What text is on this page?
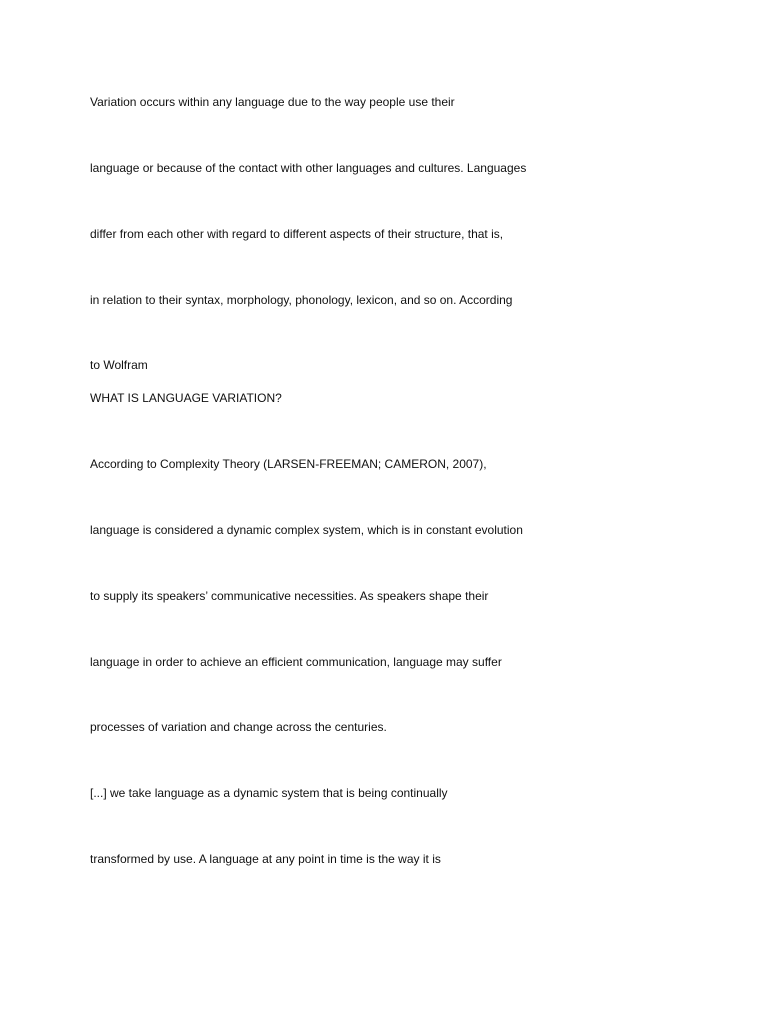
Variation occurs within any language due to the way people use their

language or because of the contact with other languages and cultures. Languages

differ from each other with regard to different aspects of their structure, that is,

in relation to their syntax, morphology, phonology, lexicon, and so on. According

to Wolfram

WHAT IS LANGUAGE VARIATION?

According to Complexity Theory (LARSEN-FREEMAN; CAMERON, 2007),

language is considered a dynamic complex system, which is in constant evolution

to supply its speakers’ communicative necessities. As speakers shape their

language in order to achieve an efficient communication, language may suffer

processes of variation and change across the centuries.

[...] we take language as a dynamic system that is being continually

transformed by use. A language at any point in time is the way it is
